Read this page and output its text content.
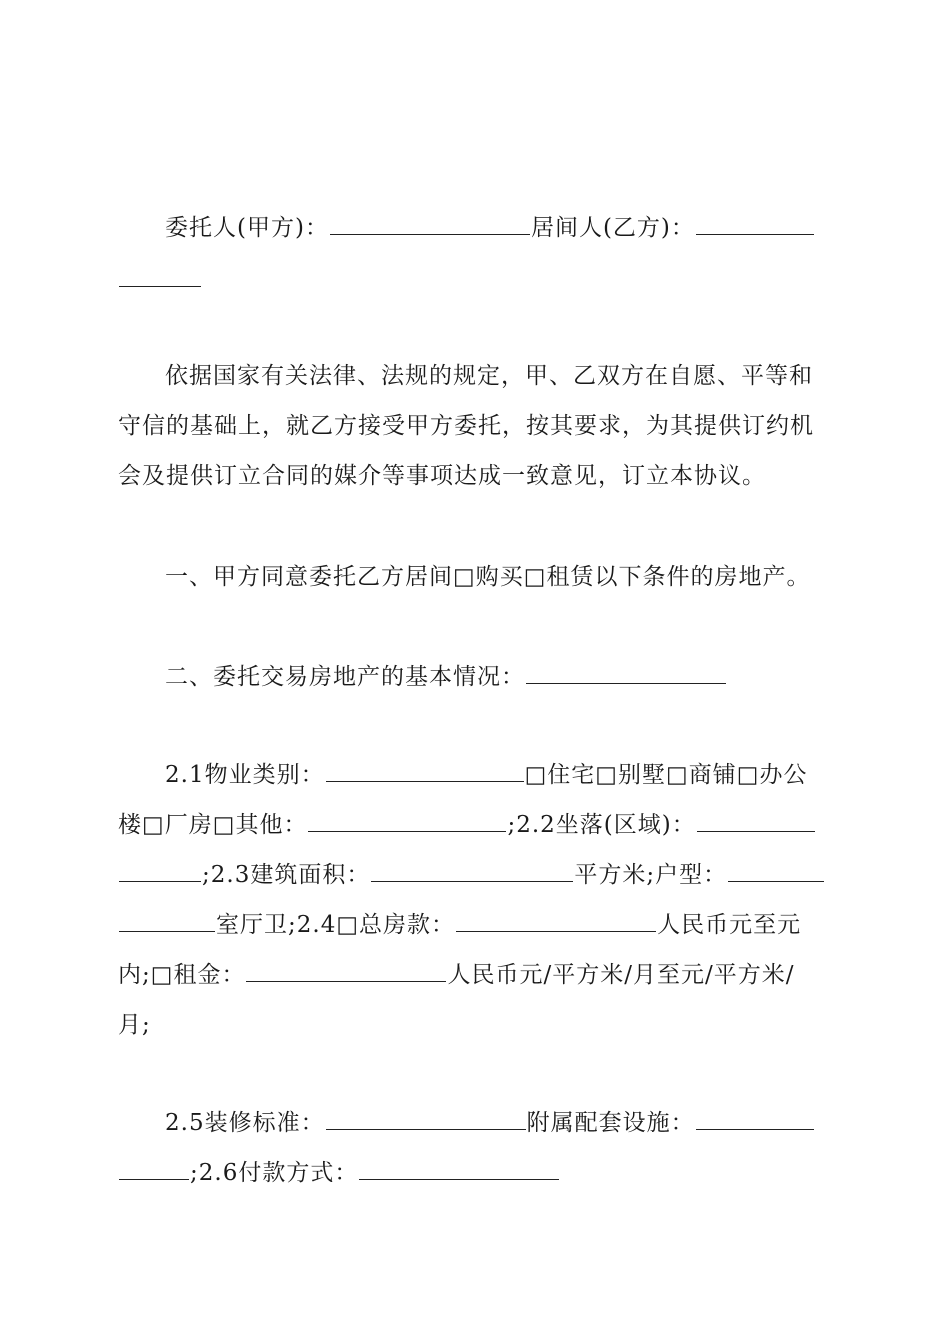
委托人(甲方)：	居间人(乙方)：
依据国家有关法律、法规的规定，甲、乙双方在自愿、平等和
守信的基础上，就乙方接受甲方委托，按其要求，为其提供订约机
会及提供订立合同的媒介等事项达成一致意见，订立本协议。
一、甲方同意委托乙方居间□购买□租赁以下条件的房地产。
二、委托交易房地产的基本情况：
2.1物业类别：	□住宅□别墅□商铺□办公
楼□厂房□其他：	;2.2坐落(区域)：
;2.3建筑面积：	平方米;户型：
室厅卫;2.4□总房款：	人民币元至元
内;□租金：	人民币元/平方米/月至元/平方米/
月;
2.5装修标准：	附属配套设施：
;2.6付款方式：
